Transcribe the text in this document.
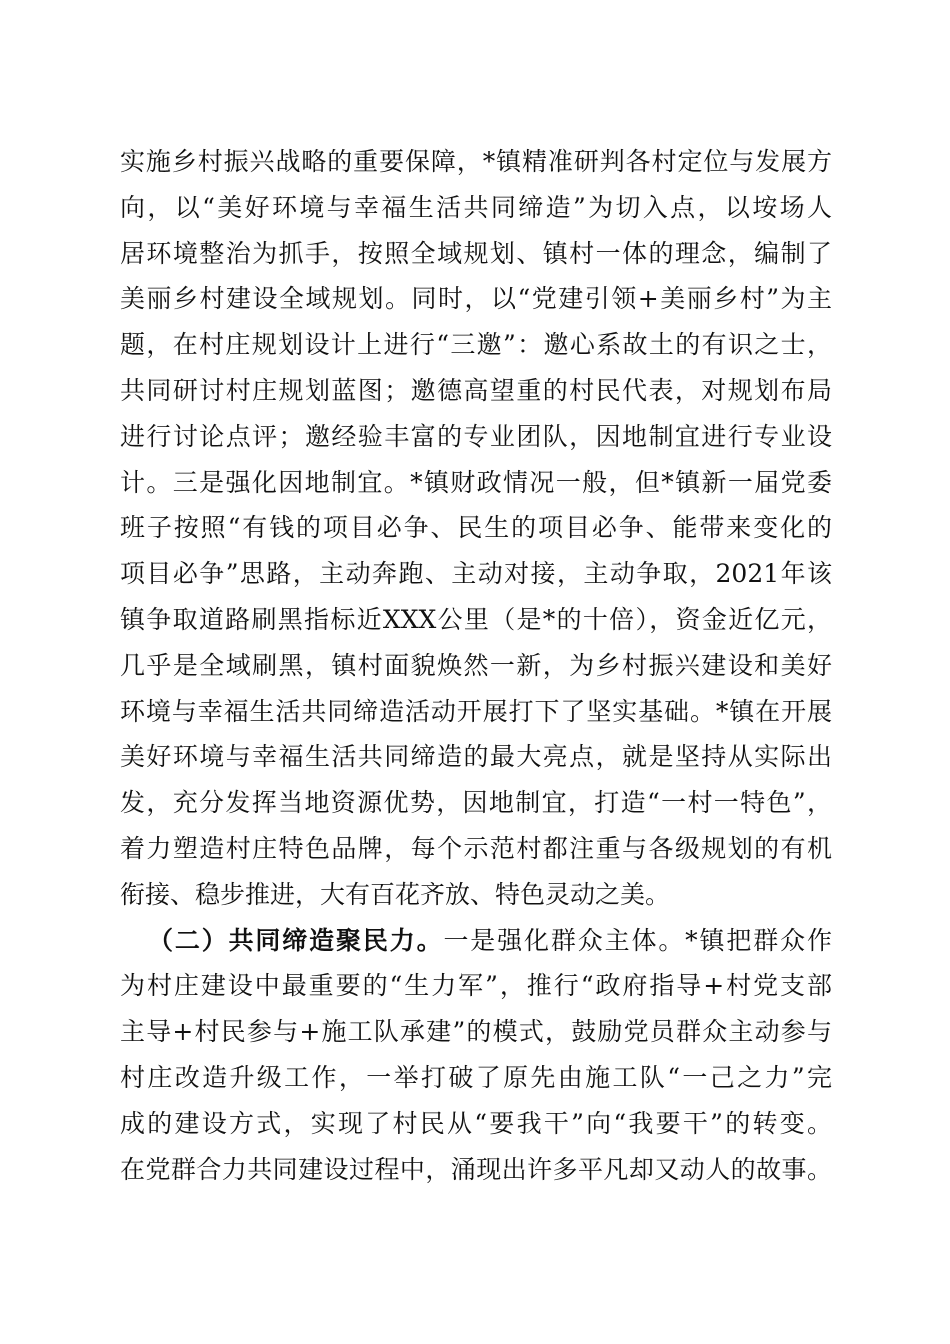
实施乡村振兴战略的重要保障，*镇精准研判各村定位与发展方
向，以“美好环境与幸福生活共同缔造”为切入点，以垵场人
居环境整治为抓手，按照全域规划、镇村一体的理念，编制了
美丽乡村建设全域规划。同时，以“党建引领+美丽乡村”为主
题，在村庄规划设计上进行“三邀”：邀心系故土的有识之士，
共同研讨村庄规划蓝图；邀德高望重的村民代表，对规划布局
进行讨论点评；邀经验丰富的专业团队，因地制宜进行专业设
计。三是强化因地制宜。*镇财政情况一般，但*镇新一届党委
班子按照“有钱的项目必争、民生的项目必争、能带来变化的
项目必争”思路，主动奔跑、主动对接，主动争取，2021年该
镇争取道路刷黑指标近XXX公里（是*的十倍），资金近亿元，
几乎是全域刷黑，镇村面貌焕然一新，为乡村振兴建设和美好
环境与幸福生活共同缔造活动开展打下了坚实基础。*镇在开展
美好环境与幸福生活共同缔造的最大亮点，就是坚持从实际出
发，充分发挥当地资源优势，因地制宜，打造“一村一特色”，
着力塑造村庄特色品牌，每个示范村都注重与各级规划的有机
衔接、稳步推进，大有百花齐放、特色灵动之美。
（二）共同缔造聚民力。一是强化群众主体。*镇把群众作
为村庄建设中最重要的“生力军”，推行“政府指导+村党支部
主导+村民参与+施工队承建”的模式，鼓励党员群众主动参与
村庄改造升级工作，一举打破了原先由施工队“一己之力”完
成的建设方式，实现了村民从“要我干”向“我要干”的转变。
在党群合力共同建设过程中，涌现出许多平凡却又动人的故事。
